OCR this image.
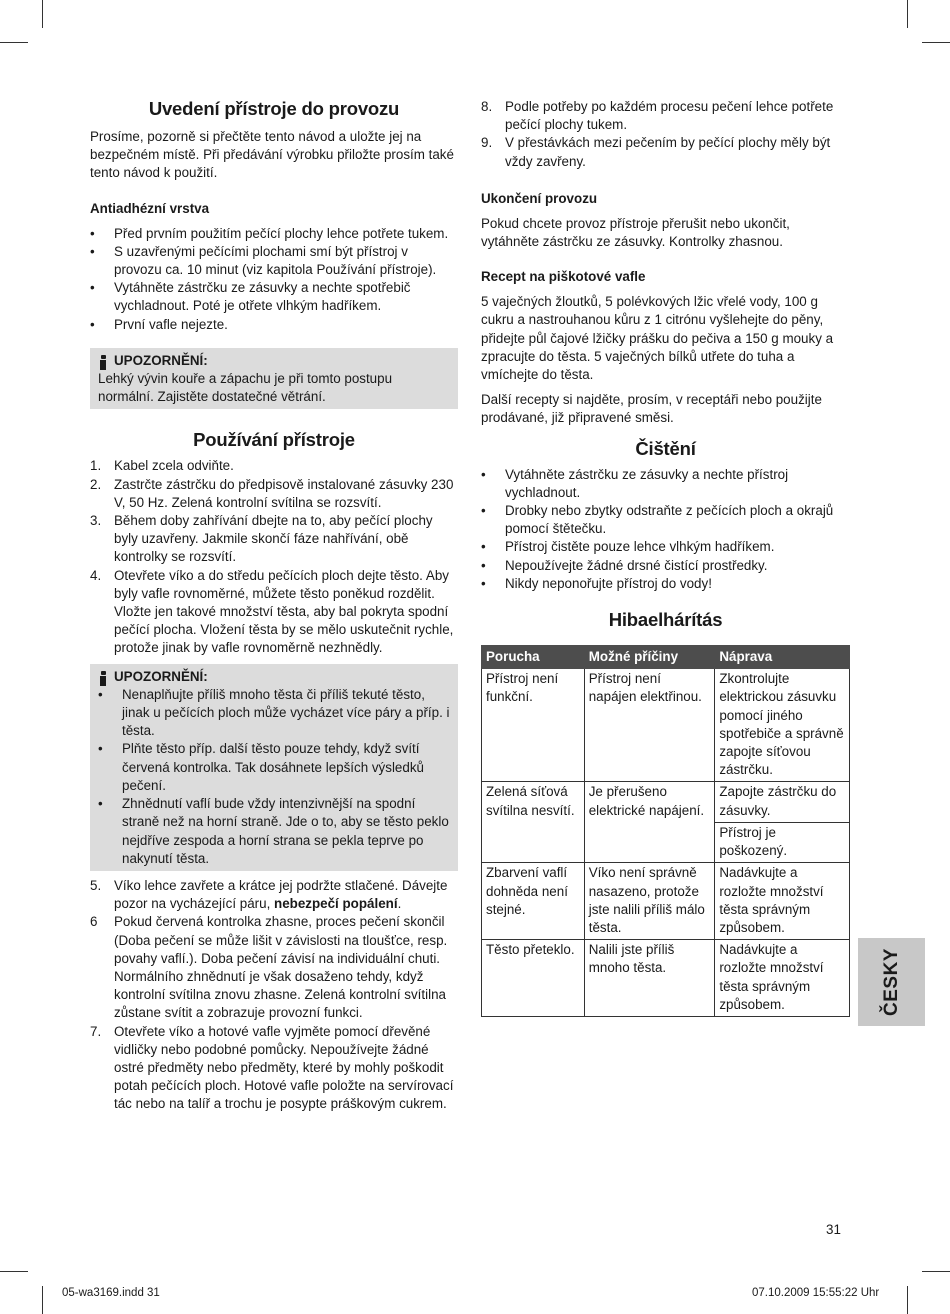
Uvedení přístroje do provozu

Prosíme, pozorně si přečtěte tento návod a uložte jej na bezpečném místě. Při předávání výrobku přiložte prosím také tento návod k použití.

Antiadhézní vrstva
• Před prvním použitím pečící plochy lehce potřete tukem.
• S uzavřenými pečícími plochami smí být přístroj v provozu ca. 10 minut (viz kapitola Používání přístroje).
• Vytáhněte zástrčku ze zásuvky a nechte spotřebič vychladnout. Poté je otřete vlhkým hadříkem.
• První vafle nejezte.
UPOZORNĚNÍ:

Lehký vývin kouře a zápachu je při tomto postupu normální. Zajistěte dostatečné větrání.

Používání přístroje
1. Kabel zcela odviňte.
2. Zastrčte zástrčku do předpisově instalované zásuvky 230 V, 50 Hz. Zelená kontrolní svítilna se rozsvítí.
3. Během doby zahřívání dbejte na to, aby pečící plochy byly uzavřeny. Jakmile skončí fáze nahřívání, obě kontrolky se rozsvítí.
4. Otevřete víko a do středu pečících ploch dejte těsto. Aby byly vafle rovnoměrné, můžete těsto poněkud rozdělit. Vložte jen takové množství těsta, aby bal pokryta spodní pečící plocha. Vložení těsta by se mělo uskutečnit rychle, protože jinak by vafle rovnoměrně nezhnědly.
UPOZORNĚNÍ:
• Nenaplňujte příliš mnoho těsta či příliš tekuté těsto, jinak u pečících ploch může vycházet více páry a příp. i těsta.
• Plňte těsto příp. další těsto pouze tehdy, když svítí červená kontrolka. Tak dosáhnete lepších výsledků pečení.
• Zhnědnutí vaflí bude vždy intenzivnější na spodní straně než na horní straně. Jde o to, aby se těsto peklo nejdříve zespoda a horní strana se pekla teprve po nakynutí těsta.
5. Víko lehce zavřete a krátce jej podržte stlačené. Dávejte pozor na vycházející páru, nebezpečí popálení.
6 Pokud červená kontrolka zhasne, proces pečení skončil (Doba pečení se může lišit v závislosti na tloušťce, resp. povahy vaflí.). Doba pečení závisí na individuální chuti. Normálního zhnědnutí je však dosaženo tehdy, když kontrolní svítilna znovu zhasne. Zelená kontrolní svítilna zůstane svítit a zobrazuje provozní funkci.
7. Otevřete víko a hotové vafle vyjměte pomocí dřevěné vidličky nebo podobné pomůcky. Nepoužívejte žádné ostré předměty nebo předměty, které by mohly poškodit potah pečících ploch. Hotové vafle položte na servírovací tác nebo na talíř a trochu je posypte práškovým cukrem.
8. Podle potřeby po každém procesu pečení lehce potřete pečící plochy tukem.
9. V přestávkách mezi pečením by pečící plochy měly být vždy zavřeny.
Ukončení provozu

Pokud chcete provoz přístroje přerušit nebo ukončit, vytáhněte zástrčku ze zásuvky. Kontrolky zhasnou.

Recept na piškotové vafle

5 vaječných žloutků, 5 polévkových lžic vřelé vody, 100 g cukru a nastrouhanou kůru z 1 citrónu vyšlehejte do pěny, přidejte půl čajové lžičky prášku do pečiva a 150 g mouky a zpracujte do těsta. 5 vaječných bílků utřete do tuha a vmíchejte do těsta.

Další recepty si najděte, prosím, v receptáři nebo použijte prodávané, již připravené směsi.

Čištění
• Vytáhněte zástrčku ze zásuvky a nechte přístroj vychladnout.
• Drobky nebo zbytky odstraňte z pečících ploch a okrajů pomocí štětečku.
• Přístroj čistěte pouze lehce vlhkým hadříkem.
• Nepoužívejte žádné drsné čistící prostředky.
• Nikdy neponořujte přístroj do vody!
Hibaelhárítás
Porucha	Možné příčiny	Náprava
Přístroj není funkční.	Přístroj není napájen elektřinou.	Zkontrolujte elektrickou zásuvku pomocí jiného spotřebiče a správně zapojte síťovou zástrčku.
Zelená síťová svítilna nesvítí.	Je přerušeno elektrické napájení.	Zapojte zástrčku do zásuvky.
		Přístroj je poškozený.
Zbarvení vaflí dohněda není stejné.	Víko není správně nasazeno, protože jste nalili příliš málo těsta.	Nadávkujte a rozložte množství těsta správným způsobem.
Těsto přeteklo.	Nalili jste příliš mnoho těsta.	Nadávkujte a rozložte množství těsta správným způsobem.	ČESKY
31
05-wa3169.indd 31	07.10.2009 15:55:22 Uhr
